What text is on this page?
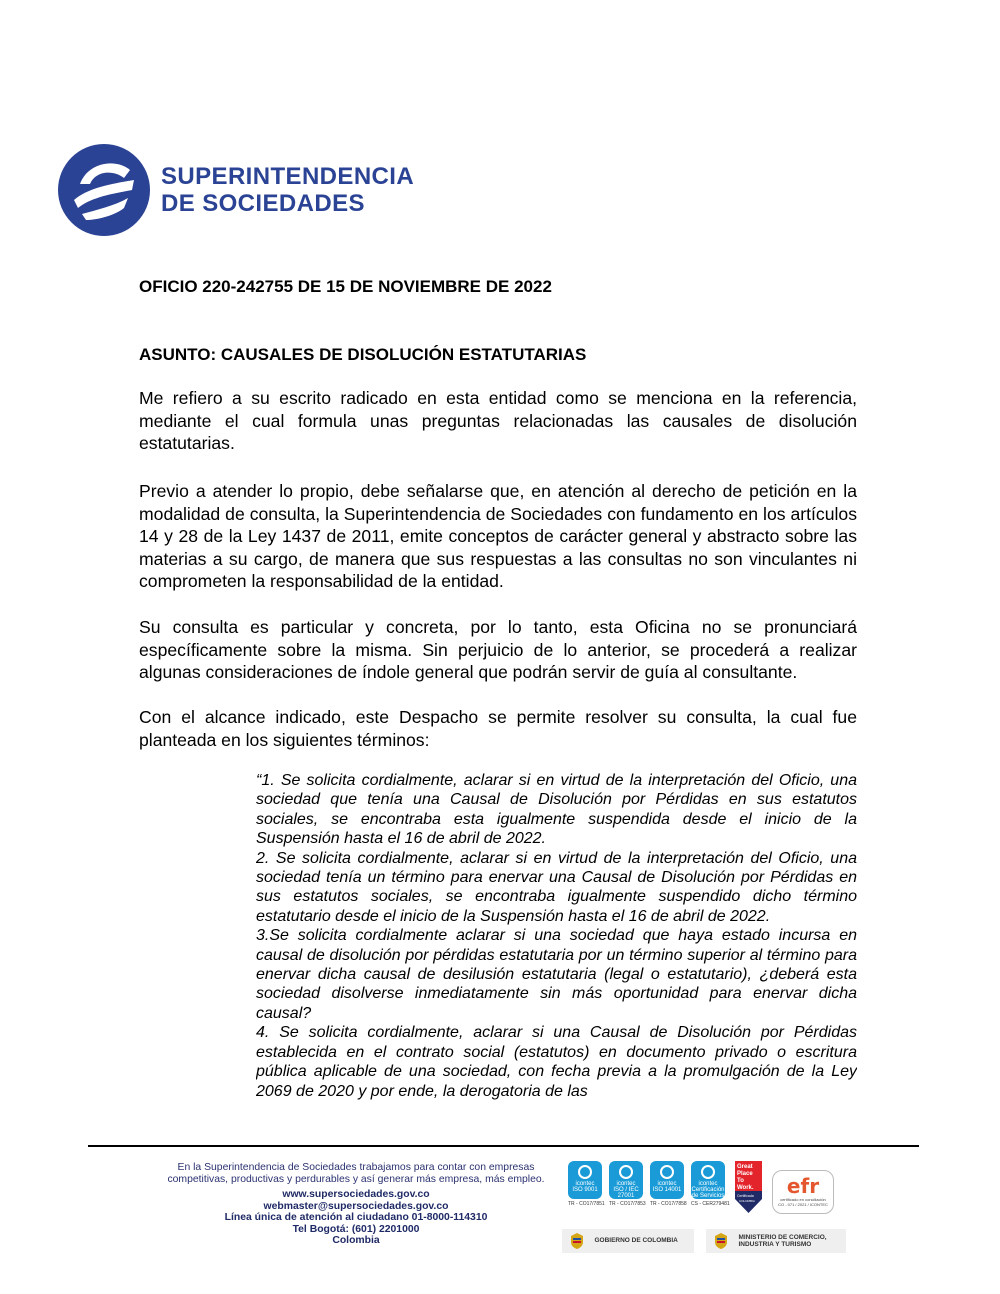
SUPERINTENDENCIA
DE SOCIEDADES
OFICIO 220-242755 DE 15 DE NOVIEMBRE DE 2022
ASUNTO: CAUSALES DE DISOLUCIÓN ESTATUTARIAS
Me refiero a su escrito radicado en esta entidad como se menciona en la referencia, mediante el cual formula unas preguntas relacionadas las causales de disolución estatutarias.
Previo a atender lo propio, debe señalarse que, en atención al derecho de petición en la modalidad de consulta, la Superintendencia de Sociedades con fundamento en los artículos 14 y 28 de la Ley 1437 de 2011, emite conceptos de carácter general y abstracto sobre las materias a su cargo, de manera que sus respuestas a las consultas no son vinculantes ni comprometen la responsabilidad de la entidad.
Su consulta es particular y concreta, por lo tanto, esta Oficina no se pronunciará específicamente sobre la misma. Sin perjuicio de lo anterior, se procederá a realizar algunas consideraciones de índole general que podrán servir de guía al consultante.
Con el alcance indicado, este Despacho se permite resolver su consulta, la cual fue planteada en los siguientes términos:

“1. Se solicita cordialmente, aclarar si en virtud de la interpretación del Oficio, una sociedad que tenía una Causal de Disolución por Pérdidas en sus estatutos sociales, se encontraba esta igualmente suspendida desde el inicio de la Suspensión hasta el 16 de abril de 2022.

2. Se solicita cordialmente, aclarar si en virtud de la interpretación del Oficio, una sociedad tenía un término para enervar una Causal de Disolución por Pérdidas en sus estatutos sociales, se encontraba igualmente suspendido dicho término estatutario desde el inicio de la Suspensión hasta el 16 de abril de 2022.

3.Se solicita cordialmente aclarar si una sociedad que haya estado incursa en causal de disolución por pérdidas estatutaria por un término superior al término para enervar dicha causal de desilusión estatutaria (legal o estatutario), ¿deberá esta sociedad disolverse inmediatamente sin más oportunidad para enervar dicha causal?

4. Se solicita cordialmente, aclarar si una Causal de Disolución por Pérdidas establecida en el contrato social (estatutos) en documento privado o escritura pública aplicable de una sociedad, con fecha previa a la promulgación de la Ley 2069 de 2020 y por ende, la derogatoria de las

En la Superintendencia de Sociedades trabajamos para contar con empresas
competitivas, productivas y perdurables y así generar más empresa, más empleo.
www.supersociedades.gov.co
webmaster@supersociedades.gov.co
Línea única de atención al ciudadano 01-8000-114310
Tel Bogotá: (601) 2201000
Colombia
icontec
ISO 9001
TR - CO17/7851
icontec
ISO / IEC 27001
TR - CO17/7853
icontec
ISO 14001
TR - CO17/7858
icontec
Certificación de Servicios
CS - CER279481
Great
Place
To
Work.
Certificada
COLOMBIA
efr
certificado en conciliación
CO - 071 / 2021 / ICONTEC
GOBIERNO DE COLOMBIA
MINISTERIO DE COMERCIO,
INDUSTRIA Y TURISMO
